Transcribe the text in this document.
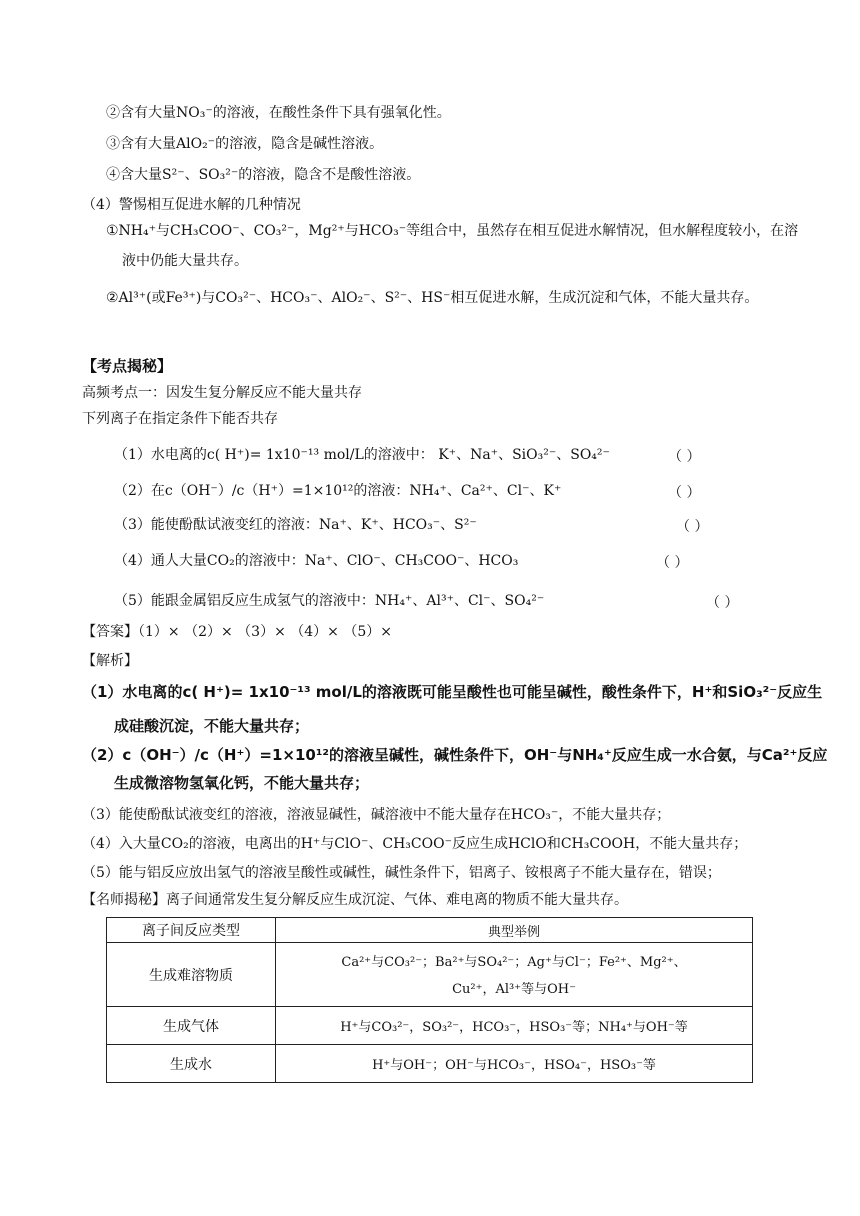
②含有大量NO₃⁻的溶液，在酸性条件下具有强氧化性。
③含有大量AlO₂⁻的溶液，隐含是碱性溶液。
④含大量S²⁻、SO₃²⁻的溶液，隐含不是酸性溶液。
（4）警惕相互促进水解的几种情况
①NH₄⁺与CH₃COO⁻、CO₃²⁻，Mg²⁺与HCO₃⁻等组合中，虽然存在相互促进水解情况，但水解程度较小，在溶
液中仍能大量共存。
②Al³⁺(或Fe³⁺)与CO₃²⁻、HCO₃⁻、AlO₂⁻、S²⁻、HS⁻相互促进水解，生成沉淀和气体，不能大量共存。
【考点揭秘】
高频考点一：因发生复分解反应不能大量共存
下列离子在指定条件下能否共存
（1）水电离的c( H⁺)= 1x10⁻¹³ mol/L的溶液中： K⁺、Na⁺、SiO₃²⁻、SO₄²⁻	（ ）
（2）在c（OH⁻）/c（H⁺）=1×10¹²的溶液：NH₄⁺、Ca²⁺、Cl⁻、K⁺	（ ）
（3）能使酚酞试液变红的溶液：Na⁺、K⁺、HCO₃⁻、S²⁻	（ ）
（4）通人大量CO₂的溶液中：Na⁺、ClO⁻、CH₃COO⁻、HCO₃	（ ）
（5）能跟金属铝反应生成氢气的溶液中：NH₄⁺、Al³⁺、Cl⁻、SO₄²⁻	（ ）
【答案】（1）× （2）× （3）× （4）× （5）×
【解析】
（1）水电离的c( H⁺)= 1x10⁻¹³ mol/L的溶液既可能呈酸性也可能呈碱性，酸性条件下，H⁺和SiO₃²⁻反应生
成硅酸沉淀，不能大量共存；
（2）c（OH⁻）/c（H⁺）=1×10¹²的溶液呈碱性，碱性条件下，OH⁻与NH₄⁺反应生成一水合氨，与Ca²⁺反应
生成微溶物氢氧化钙，不能大量共存；
（3）能使酚酞试液变红的溶液，溶液显碱性，碱溶液中不能大量存在HCO₃⁻，不能大量共存；
（4）入大量CO₂的溶液，电离出的H⁺与ClO⁻、CH₃COO⁻反应生成HClO和CH₃COOH，不能大量共存；
（5）能与铝反应放出氢气的溶液呈酸性或碱性，碱性条件下，铝离子、铵根离子不能大量存在，错误；
【名师揭秘】离子间通常发生复分解反应生成沉淀、气体、难电离的物质不能大量共存。
离子间反应类型	典型举例
生成难溶物质	Ca²⁺与CO₃²⁻；Ba²⁺与SO₄²⁻；Ag⁺与Cl⁻；Fe²⁺、Mg²⁺、
Cu²⁺，Al³⁺等与OH⁻

生成气体	H⁺与CO₃²⁻，SO₃²⁻，HCO₃⁻，HSO₃⁻等；NH₄⁺与OH⁻等
生成水	H⁺与OH⁻；OH⁻与HCO₃⁻，HSO₄⁻，HSO₃⁻等
